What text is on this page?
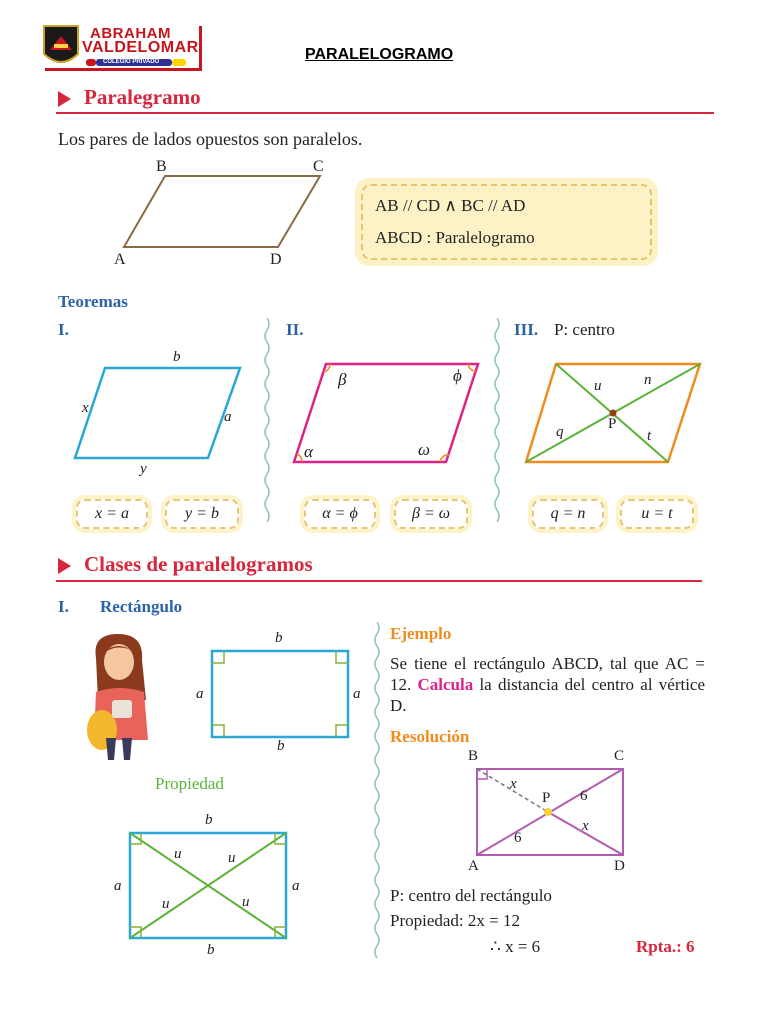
ABRAHAM
VALDELOMAR
COLEGIO PRIVADO	PARALELOGRAMO
Paralegramo
Los pares de lados opuestos son paralelos.
B	C
A	D
AB // CD ∧ BC // AD
ABCD : Paralelogramo
Teoremas
I.
b
x
a
y
x = a	y = b
II.
β	ϕ
α	ω
α = ϕ	β = ω
III. P: centro
u	n
q	P
t
q = n	u = t
Clases de paralelogramos
I. Rectángulo
b
a	a
b
Propiedad
b
a	a
b
u	u
u	u
Ejemplo
Se tiene el rectángulo ABCD, tal que AC = 12. Calcula la distancia del centro al vértice D.
Resolución
B	C
A	D
P
x
x
6
6
P: centro del rectángulo
Propiedad: 2x = 12
∴ x = 6	Rpta.: 6
